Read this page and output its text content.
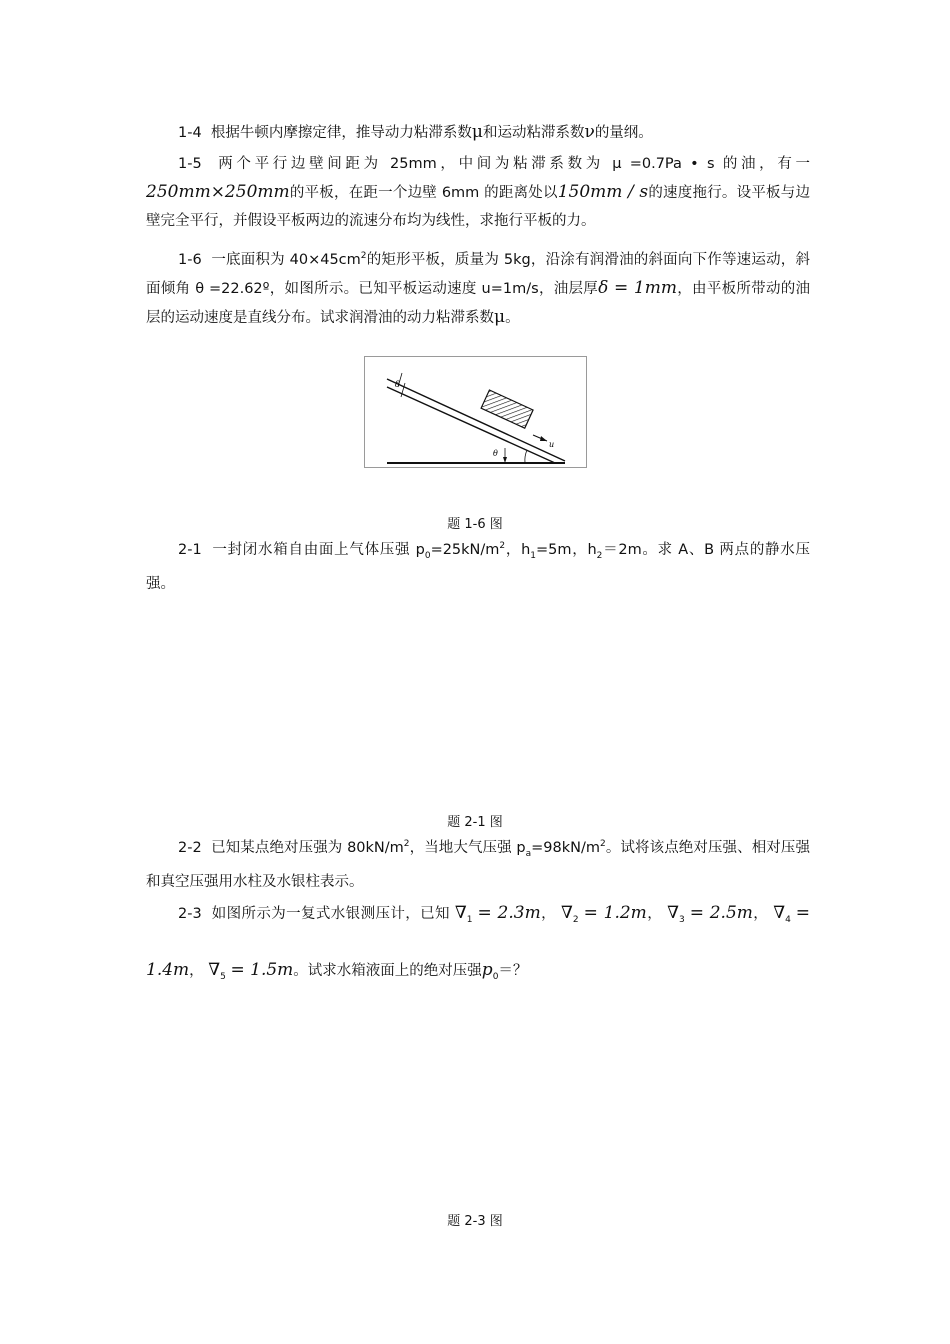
1-4 根据牛顿内摩擦定律，推导动力粘滞系数μ和运动粘滞系数ν的量纲。
1-5 两个平行边壁间距为 25mm，中间为粘滞系数为 μ =0.7Pa • s 的油，有一 250mm×250mm的平板，在距一个边壁 6mm 的距离处以150mm / s的速度拖行。设平板与边壁完全平行，并假设平板两边的流速分布均为线性，求拖行平板的力。
1-6 一底面积为 $40\times 45cm^2$的矩形平板，质量为 5kg，沿涂有润滑油的斜面向下作等速运动，斜面倾角 θ =22.62º，如图所示。已知平板运动速度 u=1m/s，油层厚δ = 1mm，由平板所带动的油层的运动速度是直线分布。试求润滑油的动力粘滞系数μ。
u
δ
θ
题 1-6 图
2-1 一封闭水箱自由面上气体压强 $p_0=25kN/m^2$，$h_1=5m$，$h_2=2m$。求 A、B 两点的静水压强。
题 2-1 图
2-2 已知某点绝对压强为 $80kN/m^2$，当地大气压强 $p_a=98kN/m^2$。试将该点绝对压强、相对压强和真空压强用水柱及水银柱表示。
2-3 如图所示为一复式水银测压计，已知 $\nabla_1 = 2.3m$， $\nabla_2 = 1.2m$， $\nabla_3 = 2.5m$， $\nabla_4 = 1.4m$， $\nabla_5 = 1.5m$。试求水箱液面上的绝对压强$p_0=$？
题 2-3 图
